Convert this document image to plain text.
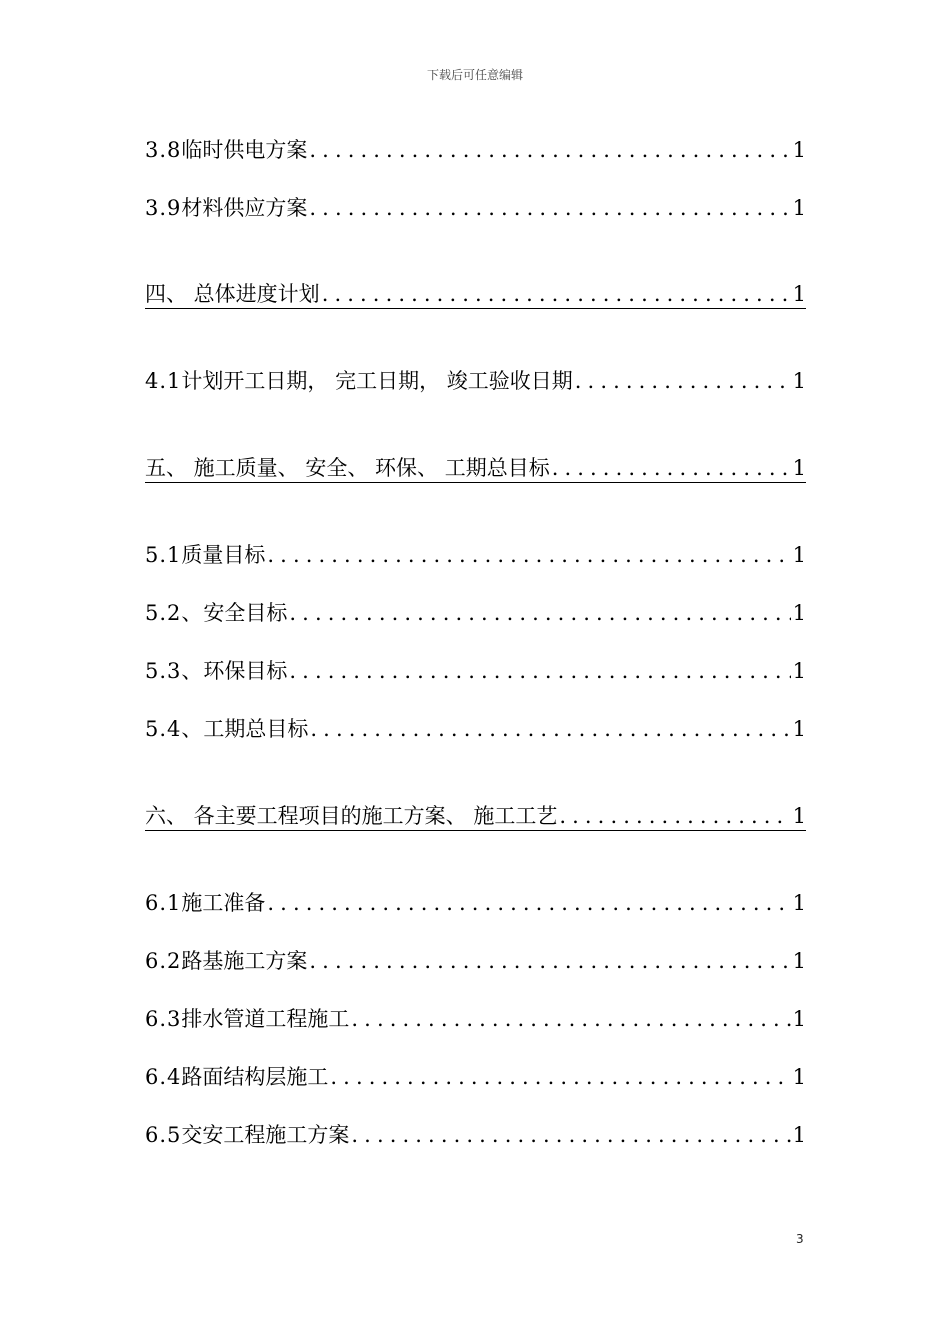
下载后可任意编辑
3.8 临时供电方案 .....	1
3.9 材料供应方案 .....	1
四、 总体进度计划 .....	1
4.1 计划开工日期， 完工日期， 竣工验收日期 .....	1
五、 施工质量、 安全、 环保、 工期总目标 .....	1
5.1 质量目标 .....	1
5.2、 安全目标 .....	1
5.3、 环保目标 .....	1
5.4、 工期总目标 .....	1
六、 各主要工程项目的施工方案、 施工工艺 .....	1
6.1 施工准备 .....	1
6.2 路基施工方案 .....	1
6.3 排水管道工程施工 .....	1
6.4 路面结构层施工 .....	1
6.5 交安工程施工方案 .....	1
3
